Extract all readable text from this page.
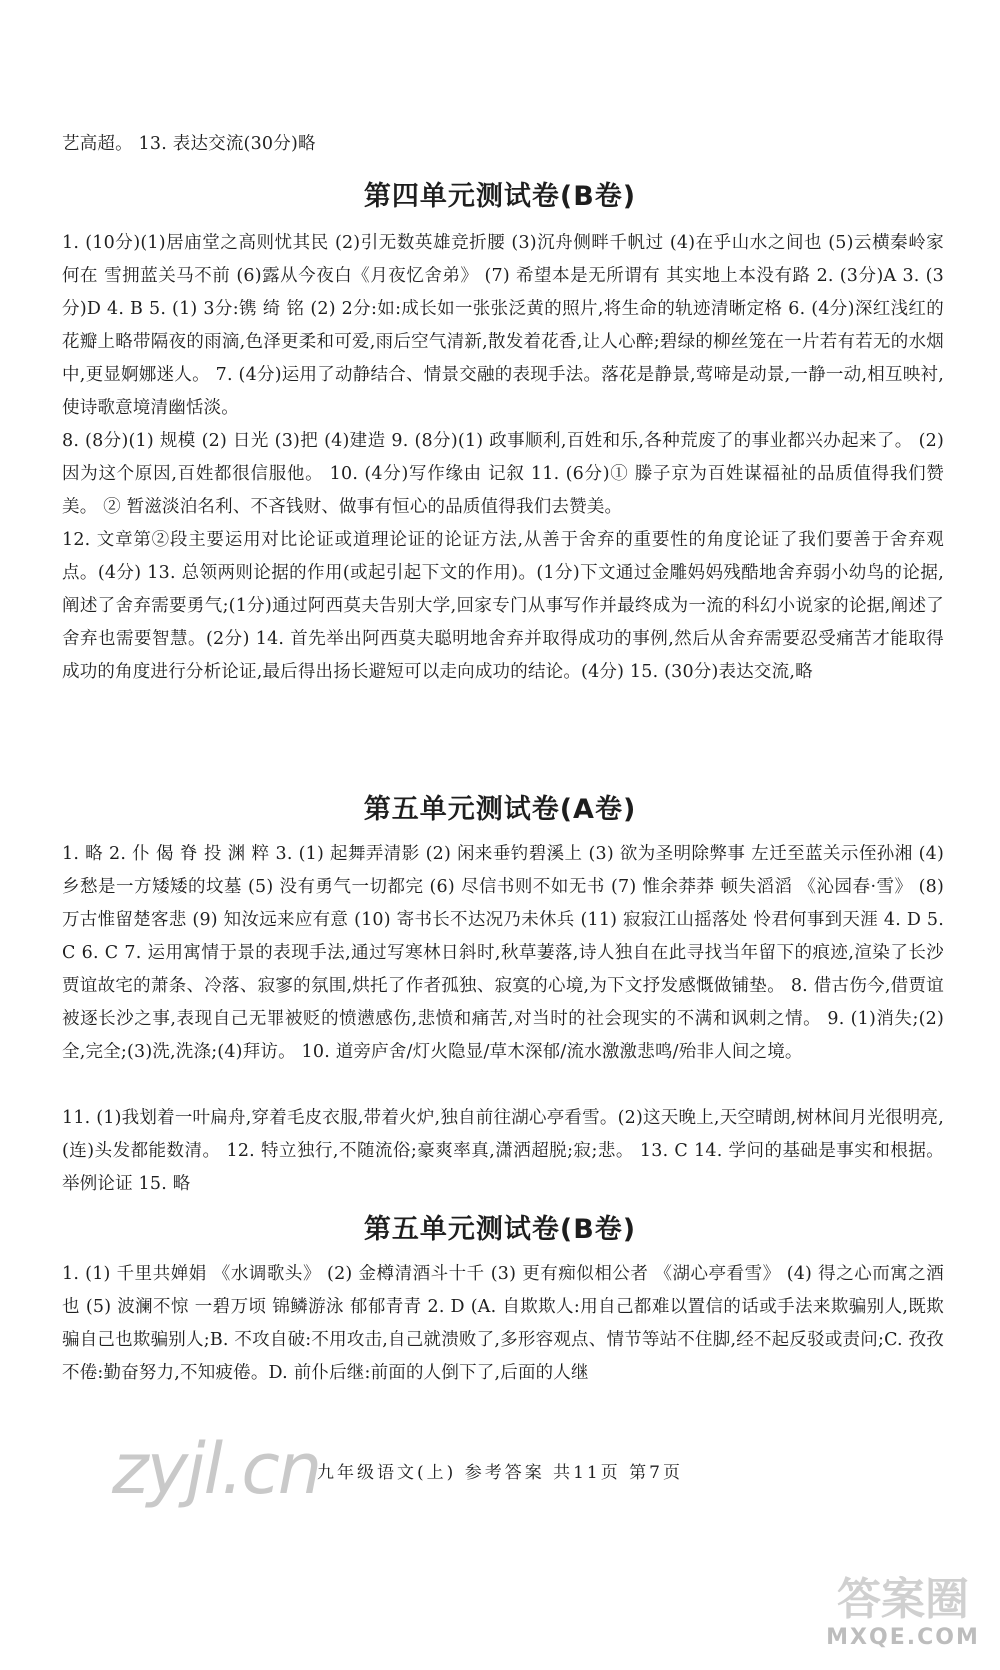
艺高超。 13. 表达交流(30分)略

第四单元测试卷(B卷)

1. (10分)(1)居庙堂之高则忧其民 (2)引无数英雄竞折腰 (3)沉舟侧畔千帆过 (4)在乎山水之间也 (5)云横秦岭家何在 雪拥蓝关马不前 (6)露从今夜白《月夜忆舍弟》 (7) 希望本是无所谓有 其实地上本没有路 2. (3分)A 3. (3分)D 4. B 5. (1) 3分:镌 绮 铭 (2) 2分:如:成长如一张张泛黄的照片,将生命的轨迹清晰定格 6. (4分)深红浅红的花瓣上略带隔夜的雨滴,色泽更柔和可爱,雨后空气清新,散发着花香,让人心醉;碧绿的柳丝笼在一片若有若无的水烟中,更显婀娜迷人。 7. (4分)运用了动静结合、情景交融的表现手法。落花是静景,莺啼是动景,一静一动,相互映衬,使诗歌意境清幽恬淡。

8. (8分)(1) 规模 (2) 日光 (3)把 (4)建造 9. (8分)(1) 政事顺利,百姓和乐,各种荒废了的事业都兴办起来了。 (2) 因为这个原因,百姓都很信服他。 10. (4分)写作缘由 记叙 11. (6分)① 滕子京为百姓谋福祉的品质值得我们赞美。 ② 暂滋淡泊名利、不吝钱财、做事有恒心的品质值得我们去赞美。

12. 文章第②段主要运用对比论证或道理论证的论证方法,从善于舍弃的重要性的角度论证了我们要善于舍弃观点。(4分) 13. 总领两则论据的作用(或起引起下文的作用)。(1分)下文通过金雕妈妈残酷地舍弃弱小幼鸟的论据,阐述了舍弃需要勇气;(1分)通过阿西莫夫告别大学,回家专门从事写作并最终成为一流的科幻小说家的论据,阐述了舍弃也需要智慧。(2分) 14. 首先举出阿西莫夫聪明地舍弃并取得成功的事例,然后从舍弃需要忍受痛苦才能取得成功的角度进行分析论证,最后得出扬长避短可以走向成功的结论。(4分) 15. (30分)表达交流,略

第五单元测试卷(A卷)

1. 略 2. 仆 偈 脊 投 渊 粹 3. (1) 起舞弄清影 (2) 闲来垂钓碧溪上 (3) 欲为圣明除弊事 左迁至蓝关示侄孙湘 (4) 乡愁是一方矮矮的坟墓 (5) 没有勇气一切都完 (6) 尽信书则不如无书 (7) 惟余莽莽 顿失滔滔 《沁园春·雪》 (8) 万古惟留楚客悲 (9) 知汝远来应有意 (10) 寄书长不达况乃未休兵 (11) 寂寂江山摇落处 怜君何事到天涯 4. D 5. C 6. C 7. 运用寓情于景的表现手法,通过写寒林日斜时,秋草萋落,诗人独自在此寻找当年留下的痕迹,渲染了长沙贾谊故宅的萧条、冷落、寂寥的氛围,烘托了作者孤独、寂寞的心境,为下文抒发感慨做铺垫。 8. 借古伤今,借贾谊被逐长沙之事,表现自己无罪被贬的愤懑感伤,悲愤和痛苦,对当时的社会现实的不满和讽刺之情。 9. (1)消失;(2)全,完全;(3)洗,洗涤;(4)拜访。 10. 道旁庐舍/灯火隐显/草木深郁/流水激激悲鸣/殆非人间之境。

11. (1)我划着一叶扁舟,穿着毛皮衣服,带着火炉,独自前往湖心亭看雪。(2)这天晚上,天空晴朗,树林间月光很明亮,(连)头发都能数清。 12. 特立独行,不随流俗;豪爽率真,潇洒超脱;寂;悲。 13. C 14. 学问的基础是事实和根据。举例论证 15. 略

第五单元测试卷(B卷)

1. (1) 千里共婵娟 《水调歌头》 (2) 金樽清酒斗十千 (3) 更有痴似相公者 《湖心亭看雪》 (4) 得之心而寓之酒也 (5) 波澜不惊 一碧万顷 锦鳞游泳 郁郁青青 2. D (A. 自欺欺人:用自己都难以置信的话或手法来欺骗别人,既欺骗自己也欺骗别人;B. 不攻自破:不用攻击,自己就溃败了,多形容观点、情节等站不住脚,经不起反驳或责问;C. 孜孜不倦:勤奋努力,不知疲倦。D. 前仆后继:前面的人倒下了,后面的人继

九年级语文(上) 参考答案 共11页 第7页
zyjl.cn
答案圈
MXQE.COM
